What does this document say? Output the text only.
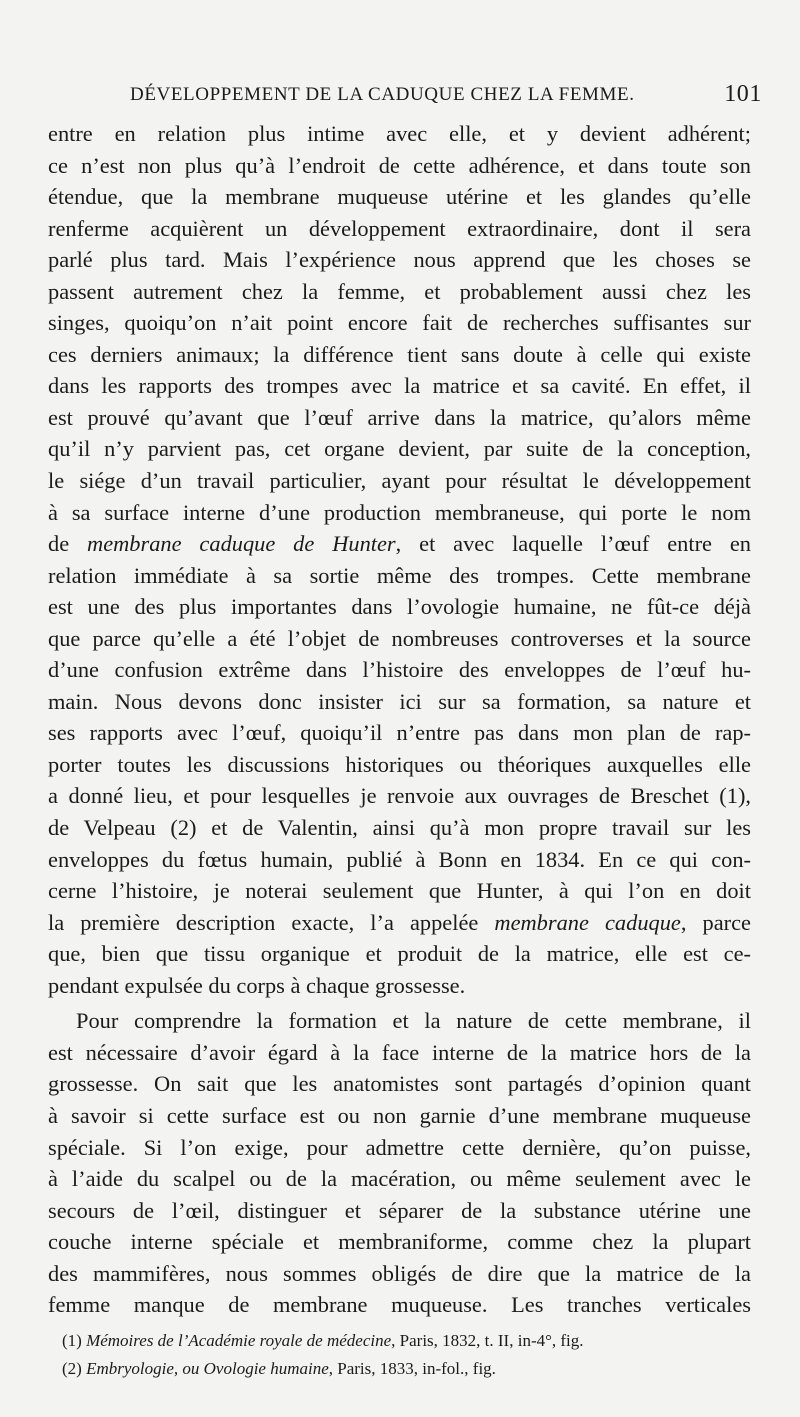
DÉVELOPPEMENT DE LA CADUQUE CHEZ LA FEMME.	101
entre en relation plus intime avec elle, et y devient adhérent;
ce n’est non plus qu’à l’endroit de cette adhérence, et dans toute son
étendue, que la membrane muqueuse utérine et les glandes qu’elle
renferme acquièrent un développement extraordinaire, dont il sera
parlé plus tard. Mais l’expérience nous apprend que les choses se
passent autrement chez la femme, et probablement aussi chez les
singes, quoiqu’on n’ait point encore fait de recherches suffisantes sur
ces derniers animaux; la différence tient sans doute à celle qui existe
dans les rapports des trompes avec la matrice et sa cavité. En effet, il
est prouvé qu’avant que l’œuf arrive dans la matrice, qu’alors même
qu’il n’y parvient pas, cet organe devient, par suite de la conception,
le siége d’un travail particulier, ayant pour résultat le développement
à sa surface interne d’une production membraneuse, qui porte le nom
de membrane caduque de Hunter, et avec laquelle l’œuf entre en
relation immédiate à sa sortie même des trompes. Cette membrane
est une des plus importantes dans l’ovologie humaine, ne fût-ce déjà
que parce qu’elle a été l’objet de nombreuses controverses et la source
d’une confusion extrême dans l’histoire des enveloppes de l’œuf hu-
main. Nous devons donc insister ici sur sa formation, sa nature et
ses rapports avec l’œuf, quoiqu’il n’entre pas dans mon plan de rap-
porter toutes les discussions historiques ou théoriques auxquelles elle
a donné lieu, et pour lesquelles je renvoie aux ouvrages de Breschet (1),
de Velpeau (2) et de Valentin, ainsi qu’à mon propre travail sur les
enveloppes du fœtus humain, publié à Bonn en 1834. En ce qui con-
cerne l’histoire, je noterai seulement que Hunter, à qui l’on en doit
la première description exacte, l’a appelée membrane caduque, parce
que, bien que tissu organique et produit de la matrice, elle est ce-
pendant expulsée du corps à chaque grossesse.
Pour comprendre la formation et la nature de cette membrane, il
est nécessaire d’avoir égard à la face interne de la matrice hors de la
grossesse. On sait que les anatomistes sont partagés d’opinion quant
à savoir si cette surface est ou non garnie d’une membrane muqueuse
spéciale. Si l’on exige, pour admettre cette dernière, qu’on puisse,
à l’aide du scalpel ou de la macération, ou même seulement avec le
secours de l’œil, distinguer et séparer de la substance utérine une
couche interne spéciale et membraniforme, comme chez la plupart
des mammifères, nous sommes obligés de dire que la matrice de la
femme manque de membrane muqueuse. Les tranches verticales
(1) Mémoires de l’Académie royale de médecine, Paris, 1832, t. II, in-4°, fig.
(2) Embryologie, ou Ovologie humaine, Paris, 1833, in-fol., fig.
